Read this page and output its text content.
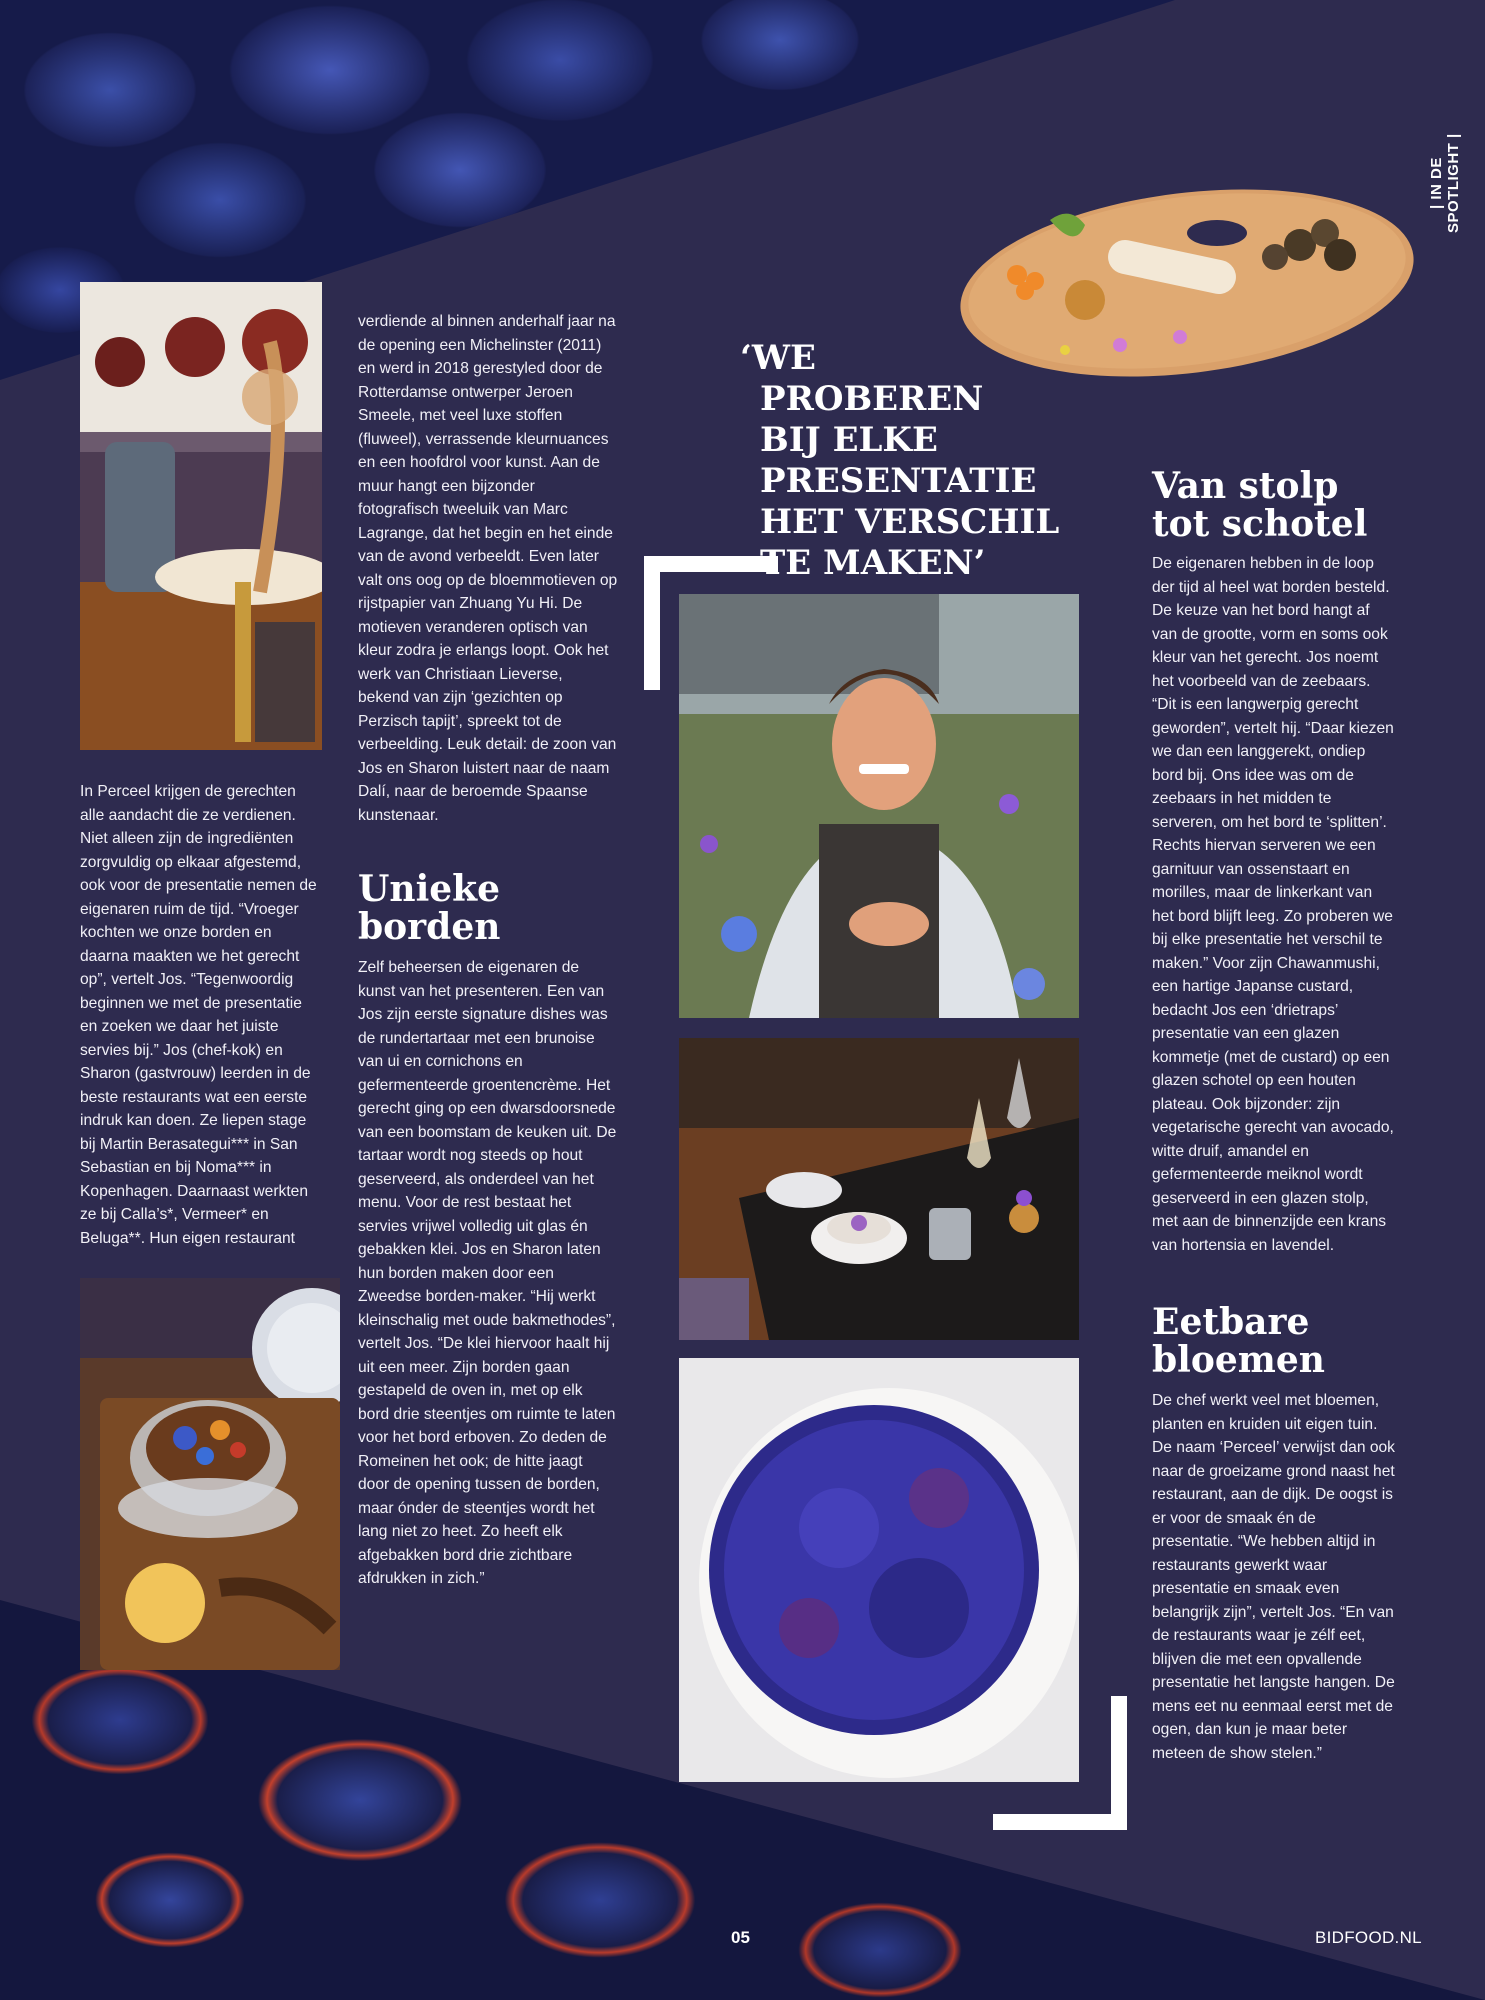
| IN DE SPOTLIGHT |
‘WE
PROBEREN
BIJ ELKE
PRESENTATIE
HET VERSCHIL
TE MAKEN’

In Perceel krijgen de gerechten alle aandacht die ze verdienen. Niet alleen zijn de ingrediënten zorgvuldig op elkaar afgestemd, ook voor de presentatie nemen de eigenaren ruim de tijd. “Vroeger kochten we onze borden en daarna maakten we het gerecht op”, vertelt Jos. “Tegenwoordig beginnen we met de presentatie en zoeken we daar het juiste servies bij.” Jos (chef-kok) en Sharon (gastvrouw) leerden in de beste restaurants wat een eerste indruk kan doen. Ze liepen stage bij Martin Berasategui*** in San Sebastian en bij Noma*** in Kopenhagen. Daarnaast werkten ze bij Calla’s*, Vermeer* en Beluga**. Hun eigen restaurant

verdiende al binnen anderhalf jaar na de opening een Michelinster (2011) en werd in 2018 gerestyled door de Rotterdamse ontwerper Jeroen Smeele, met veel luxe stoffen (fluweel), verrassende kleurnuances en een hoofdrol voor kunst. Aan de muur hangt een bijzonder fotografisch tweeluik van Marc Lagrange, dat het begin en het einde van de avond verbeeldt. Even later valt ons oog op de bloemmotieven op rijstpapier van Zhuang Yu Hi. De motieven veranderen optisch van kleur zodra je erlangs loopt. Ook het werk van Christiaan Lieverse, bekend van zijn ‘gezichten op Perzisch tapijt’, spreekt tot de verbeelding. Leuk detail: de zoon van Jos en Sharon luistert naar de naam Dalí, naar de beroemde Spaanse kunstenaar.

Unieke borden

Zelf beheersen de eigenaren de kunst van het presenteren. Een van Jos zijn eerste signature dishes was de rundertartaar met een brunoise van ui en cornichons en gefermenteerde groentencrème. Het gerecht ging op een dwarsdoorsnede van een boomstam de keuken uit. De tartaar wordt nog steeds op hout geserveerd, als onderdeel van het menu. Voor de rest bestaat het servies vrijwel volledig uit glas én gebakken klei. Jos en Sharon laten hun borden maken door een Zweedse borden-maker. “Hij werkt kleinschalig met oude bakmethodes”, vertelt Jos. “De klei hiervoor haalt hij uit een meer. Zijn borden gaan gestapeld de oven in, met op elk bord drie steentjes om ruimte te laten voor het bord erboven. Zo deden de Romeinen het ook; de hitte jaagt door de opening tussen de borden, maar ónder de steentjes wordt het lang niet zo heet. Zo heeft elk afgebakken bord drie zichtbare afdrukken in zich.”

Van stolp tot schotel

De eigenaren hebben in de loop der tijd al heel wat borden besteld. De keuze van het bord hangt af van de grootte, vorm en soms ook kleur van het gerecht. Jos noemt het voorbeeld van de zeebaars. “Dit is een langwerpig gerecht geworden”, vertelt hij. “Daar kiezen we dan een langgerekt, ondiep bord bij. Ons idee was om de zeebaars in het midden te serveren, om het bord te ‘splitten’. Rechts hiervan serveren we een garnituur van ossenstaart en morilles, maar de linkerkant van het bord blijft leeg. Zo proberen we bij elke presentatie het verschil te maken.” Voor zijn Chawanmushi, een hartige Japanse custard, bedacht Jos een ‘drietraps’ presentatie van een glazen kommetje (met de custard) op een glazen schotel op een houten plateau. Ook bijzonder: zijn vegetarische gerecht van avocado, witte druif, amandel en gefermenteerde meiknol wordt geserveerd in een glazen stolp, met aan de binnenzijde een krans van hortensia en lavendel.

Eetbare bloemen

De chef werkt veel met bloemen, planten en kruiden uit eigen tuin. De naam ‘Perceel’ verwijst dan ook naar de groeizame grond naast het restaurant, aan de dijk. De oogst is er voor de smaak én de presentatie. “We hebben altijd in restaurants gewerkt waar presentatie en smaak even belangrijk zijn”, vertelt Jos. “En van de restaurants waar je zélf eet, blijven die met een opvallende presentatie het langste hangen. De mens eet nu eenmaal eerst met de ogen, dan kun je maar beter meteen de show stelen.”

05	BIDFOOD.NL
